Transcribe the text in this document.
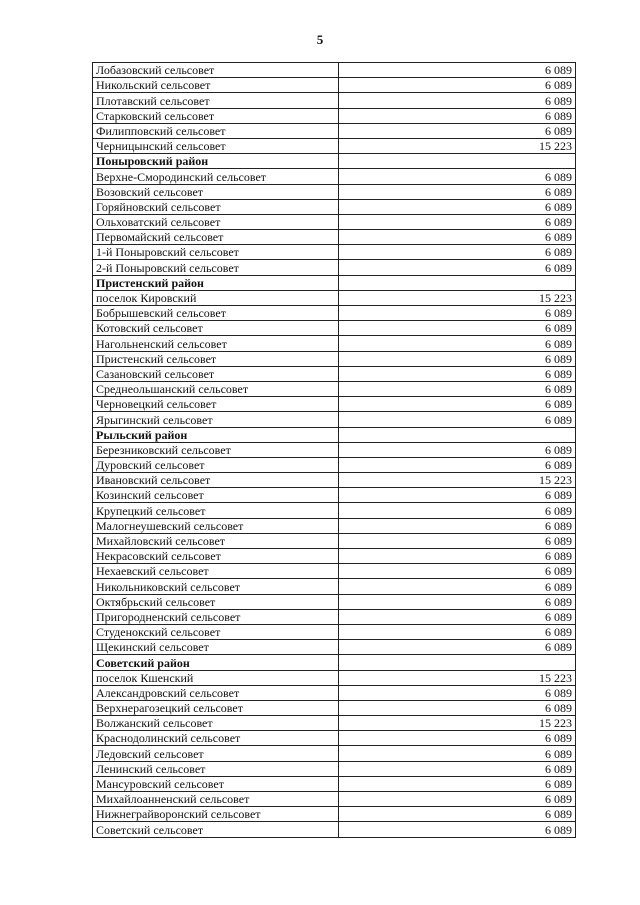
5
Лобазовский сельсовет	6 089
Никольский сельсовет	6 089
Плотавский сельсовет	6 089
Старковский сельсовет	6 089
Филипповский сельсовет	6 089
Черницынский сельсовет	15 223
Поныровский район	
Верхне-Смородинский сельсовет	6 089
Возовский сельсовет	6 089
Горяйновский сельсовет	6 089
Ольховатский сельсовет	6 089
Первомайский сельсовет	6 089
1-й Поныровский сельсовет	6 089
2-й Поныровский сельсовет	6 089
Пристенский район	
поселок Кировский	15 223
Бобрышевский сельсовет	6 089
Котовский сельсовет	6 089
Нагольненский сельсовет	6 089
Пристенский сельсовет	6 089
Сазановский сельсовет	6 089
Среднеольшанский сельсовет	6 089
Черновецкий сельсовет	6 089
Ярыгинский сельсовет	6 089
Рыльский район	
Березниковский сельсовет	6 089
Дуровский сельсовет	6 089
Ивановский сельсовет	15 223
Козинский сельсовет	6 089
Крупецкий сельсовет	6 089
Малогнеушевский сельсовет	6 089
Михайловский сельсовет	6 089
Некрасовский сельсовет	6 089
Нехаевский сельсовет	6 089
Никольниковский сельсовет	6 089
Октябрьский сельсовет	6 089
Пригородненский сельсовет	6 089
Студенокский сельсовет	6 089
Щекинский сельсовет	6 089
Советский район	
поселок Кшенский	15 223
Александровский сельсовет	6 089
Верхнерагозецкий сельсовет	6 089
Волжанский сельсовет	15 223
Краснодолинский сельсовет	6 089
Ледовский сельсовет	6 089
Ленинский сельсовет	6 089
Мансуровский сельсовет	6 089
Михайлоанненский сельсовет	6 089
Нижнеграйворонский сельсовет	6 089
Советский сельсовет	6 089
